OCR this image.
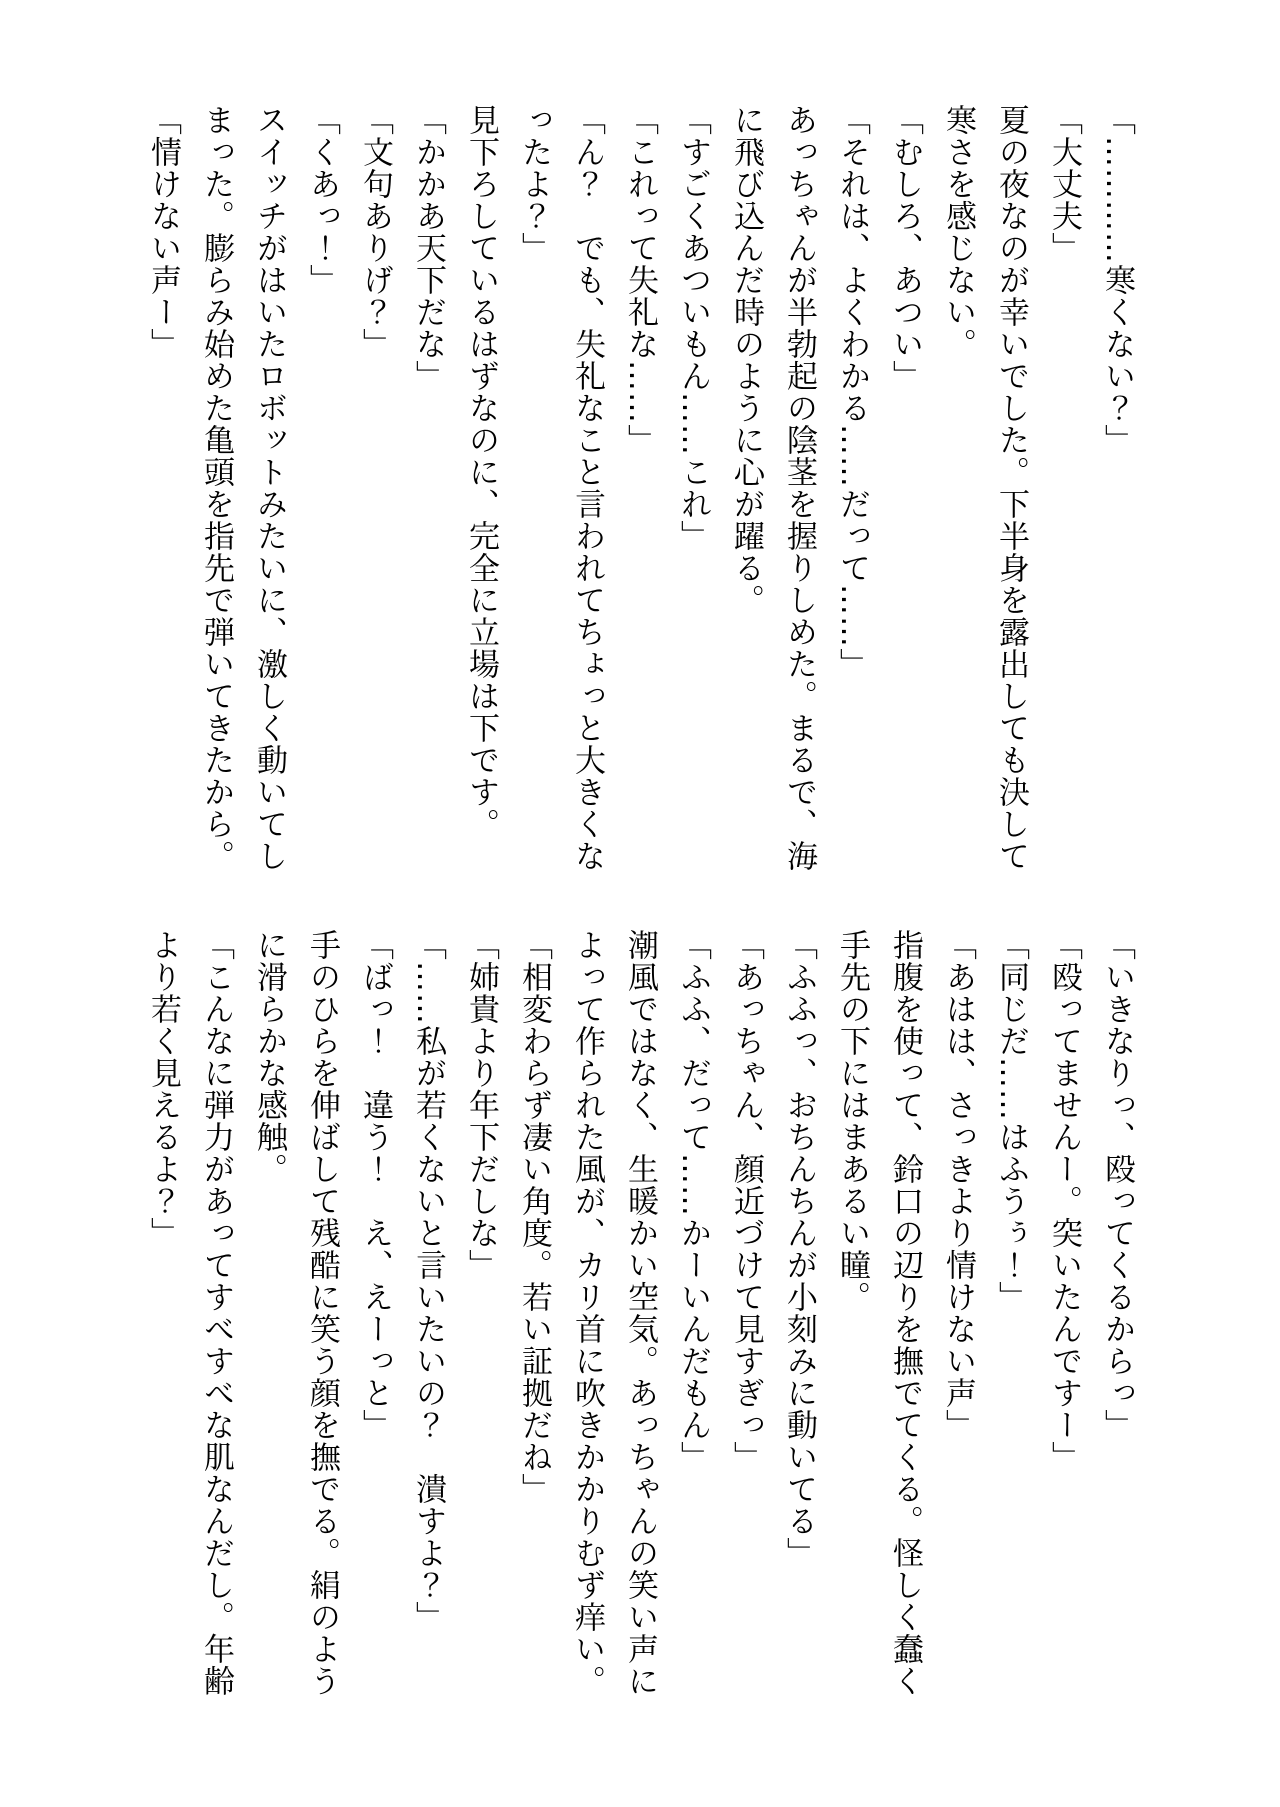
「…………寒くない？」

「大丈夫」

夏の夜なのが幸いでした。下半身を露出しても決して

寒さを感じない。

「むしろ、あつい」

「それは、よくわかる……だって……」

あっちゃんが半勃起の陰茎を握りしめた。まるで、海

に飛び込んだ時のように心が躍る。

「すごくあついもん……これ」

「これって失礼な……」

「ん？　でも、失礼なこと言われてちょっと大きくな

ったよ？」

見下ろしているはずなのに、完全に立場は下です。

「かかあ天下だな」

「文句ありげ？」

「くあっ！」

スイッチがはいたロボットみたいに、激しく動いてし

まった。膨らみ始めた亀頭を指先で弾いてきたから。

「情けない声ー」

「いきなりっ、殴ってくるからっ」

「殴ってませんー。突いたんですー」

「同じだ……はふうぅ！」

「あはは、さっきより情けない声」

指腹を使って、鈴口の辺りを撫でてくる。怪しく蠢く

手先の下にはまあるい瞳。

「ふふっ、おちんちんが小刻みに動いてる」

「あっちゃん、顔近づけて見すぎっ」

「ふふ、だって……かーいんだもん」

潮風ではなく、生暖かい空気。あっちゃんの笑い声に

よって作られた風が、カリ首に吹きかかりむず痒い。

「相変わらず凄い角度。若い証拠だね」

「姉貴より年下だしな」

「……私が若くないと言いたいの？　潰すよ？」

「ばっ！　違う！　え、えーっと」

手のひらを伸ばして残酷に笑う顔を撫でる。絹のよう

に滑らかな感触。

「こんなに弾力があってすべすべな肌なんだし。年齢

より若く見えるよ？」
